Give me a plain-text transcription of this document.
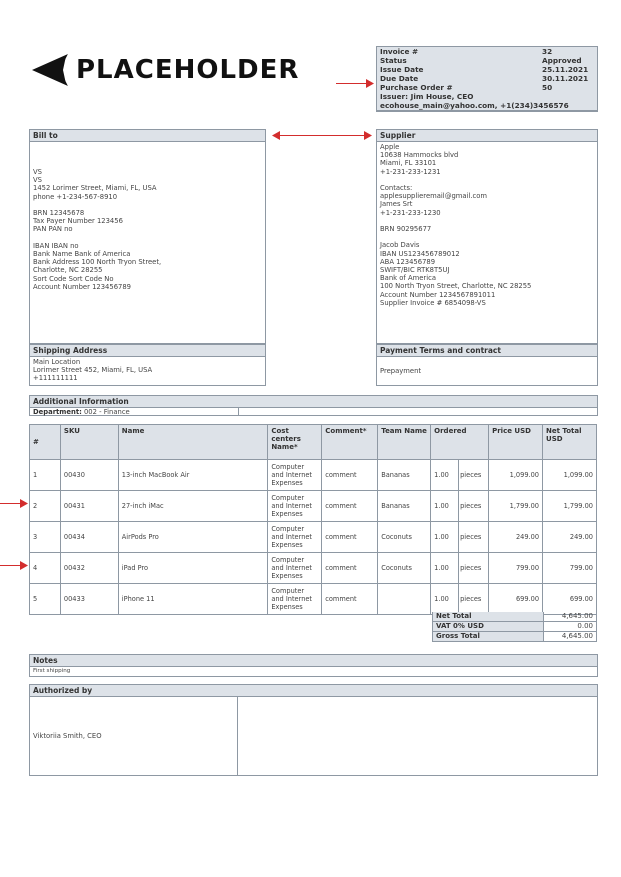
PLACEHOLDER
Invoice #	32
Status	Approved
Issue Date	25.11.2021
Due Date	30.11.2021
Purchase Order #	50
Issuer: Jim House, CEO
ecohouse_main@yahoo.com, +1(234)3456576
Bill to
VS
VS
1452 Lorimer Street, Miami, FL, USA
phone +1-234-567-8910
BRN 12345678
Tax Payer Number 123456
PAN PAN no
IBAN IBAN no
Bank Name Bank of America
Bank Address 100 North Tryon Street,
Charlotte, NC 28255
Sort Code Sort Code No
Account Number 123456789
Shipping Address
Main Location
Lorimer Street 452, Miami, FL, USA
+111111111
Supplier
Apple
10638 Hammocks blvd
Miami, FL 33101
+1-231-233-1231
Contacts:
applesupplieremail@gmail.com
James Srt
+1-231-233-1230
BRN 90295677
Jacob Davis
IBAN US123456789012
ABA 123456789
SWIFT/BIC RTK8T5UJ
Bank of America
100 North Tryon Street, Charlotte, NC 28255
Account Number 1234567891011
Supplier Invoice # 6854098-VS
Payment Terms and contract
Prepayment
Additional Information
Department: 002 - Finance
#	SKU	Name	Cost centers Name*	Comment*	Team Name	Ordered		Price USD	Net Total USD
1	00430	13-inch MacBook Air	Computer and Internet Expenses	comment	Bananas	1.00	pieces	1,099.00	1,099.00
2	00431	27-inch iMac	Computer and Internet Expenses	comment	Bananas	1.00	pieces	1,799.00	1,799.00
3	00434	AirPods Pro	Computer and Internet Expenses	comment	Coconuts	1.00	pieces	249.00	249.00
4	00432	iPad Pro	Computer and Internet Expenses	comment	Coconuts	1.00	pieces	799.00	799.00
5	00433	iPhone 11	Computer and Internet Expenses	comment		1.00	pieces	699.00	699.00
Net Total	4,645.00
VAT 0% USD	0.00
Gross Total	4,645.00
Notes
First shipping
Authorized by
Viktoriia Smith, CEO
